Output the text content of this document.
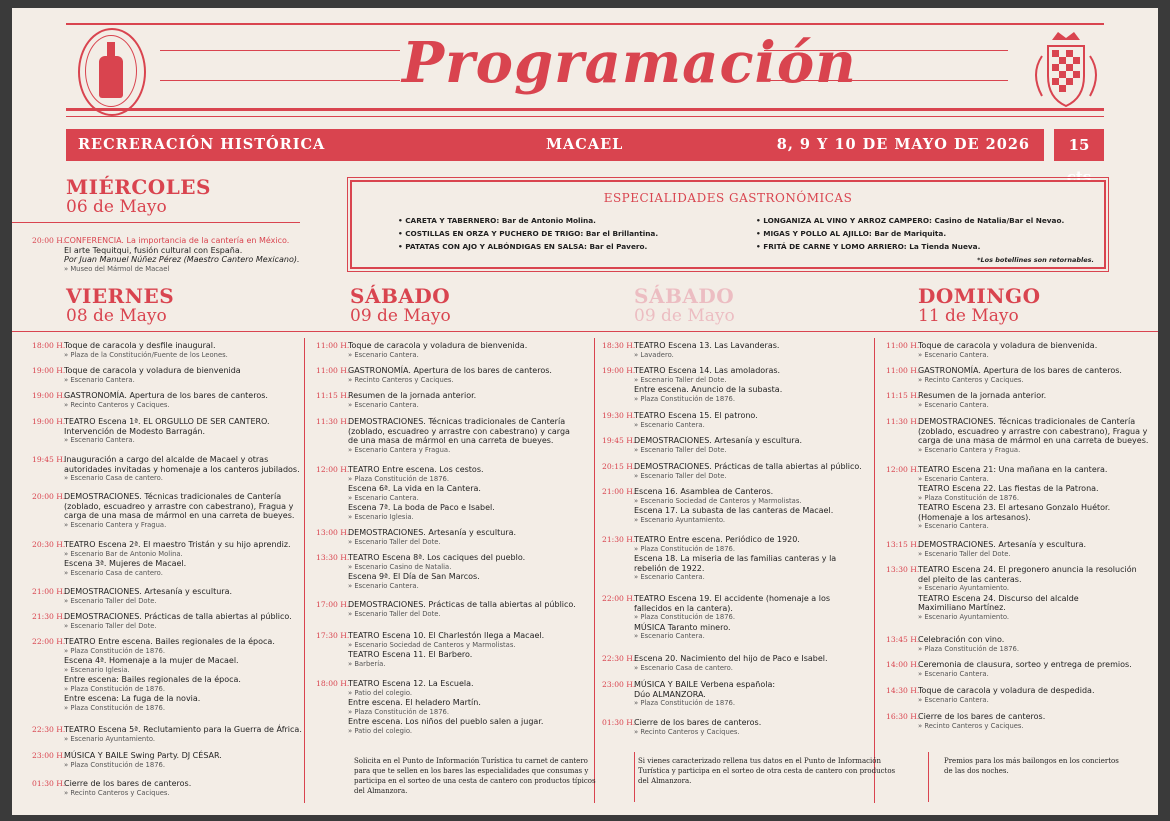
Programación
RECRERACIÓN HISTÓRICA	MACAEL	8, 9 Y 10 DE MAYO DE 2026	15 cts
MIÉRCOLES
06 de Mayo
20:00 H.
CONFERENCIA. La importancia de la cantería en México.
El arte Tequitqui, fusión cultural con España.
Por Juan Manuel Núñez Pérez (Maestro Cantero Mexicano).
» Museo del Mármol de Macael
ESPECIALIDADES GASTRONÓMICAS
• CARETA Y TABERNERO: Bar de Antonio Molina.
• COSTILLAS EN ORZA Y PUCHERO DE TRIGO: Bar el Brillantina.
• PATATAS CON AJO Y ALBÓNDIGAS EN SALSA: Bar el Pavero.
• LONGANIZA AL VINO Y ARROZ CAMPERO: Casino de Natalia/Bar el Nevao.
• MIGAS Y POLLO AL AJILLO: Bar de Mariquita.
• FRITÁ DE CARNE Y LOMO ARRIERO: La Tienda Nueva.
*Los botellines son retornables.
VIERNES
08 de Mayo
SÁBADO
09 de Mayo
SÁBADO
09 de Mayo
DOMINGO
11 de Mayo
18:00 H.
Toque de caracola y desfile inaugural.
» Plaza de la Constitución/Fuente de los Leones.
19:00 H.
Toque de caracola y voladura de bienvenida
» Escenario Cantera.
19:00 H.
GASTRONOMÍA. Apertura de los bares de canteros.
» Recinto Canteros y Caciques.
19:00 H.
TEATRO Escena 1ª. EL ORGULLO DE SER CANTERO.
Intervención de Modesto Barragán.
» Escenario Cantera.
19:45 H.
Inauguración a cargo del alcalde de Macael y otras
autoridades invitadas y homenaje a los canteros jubilados.
» Escenario Casa de cantero.
20:00 H.
DEMOSTRACIONES. Técnicas tradicionales de Cantería
(zoblado, escuadreo y arrastre con cabestrano), Fragua y
carga de una masa de mármol en una carreta de bueyes.
» Escenario Cantera y Fragua.
20:30 H.
TEATRO Escena 2ª. El maestro Tristán y su hijo aprendiz.
» Escenario Bar de Antonio Molina.
Escena 3ª. Mujeres de Macael.
» Escenario Casa de cantero.
21:00 H.
DEMOSTRACIONES. Artesanía y escultura.
» Escenario Taller del Dote.
21:30 H.
DEMOSTRACIONES. Prácticas de talla abiertas al público.
» Escenario Taller del Dote.
22:00 H.
TEATRO Entre escena. Bailes regionales de la época.
» Plaza Constitución de 1876.
Escena 4ª. Homenaje a la mujer de Macael.
» Escenario Iglesia.
Entre escena: Bailes regionales de la época.
» Plaza Constitución de 1876.
Entre escena: La fuga de la novia.
» Plaza Constitución de 1876.
22:30 H.
TEATRO Escena 5ª. Reclutamiento para la Guerra de África.
» Escenario Ayuntamiento.
23:00 H.
MÚSICA Y BAILE Swing Party. DJ CÉSAR.
» Plaza Constitución de 1876.
01:30 H.
Cierre de los bares de canteros.
» Recinto Canteros y Caciques.
11:00 H.
Toque de caracola y voladura de bienvenida.
» Escenario Cantera.
11:00 H.
GASTRONOMÍA. Apertura de los bares de canteros.
» Recinto Canteros y Caciques.
11:15 H.
Resumen de la jornada anterior.
» Escenario Cantera.
11:30 H.
DEMOSTRACIONES. Técnicas tradicionales de Cantería
(zoblado, escuadreo y arrastre con cabestrano) y carga
de una masa de mármol en una carreta de bueyes.
» Escenario Cantera y Fragua.
12:00 H.
TEATRO Entre escena. Los cestos.
» Plaza Constitución de 1876.
Escena 6ª. La vida en la Cantera.
» Escenario Cantera.
Escena 7ª. La boda de Paco e Isabel.
» Escenario Iglesia.
13:00 H.
DEMOSTRACIONES. Artesanía y escultura.
» Escenario Taller del Dote.
13:30 H.
TEATRO Escena 8ª. Los caciques del pueblo.
» Escenario Casino de Natalia.
Escena 9ª. El Día de San Marcos.
» Escenario Cantera.
17:00 H.
DEMOSTRACIONES. Prácticas de talla abiertas al público.
» Escenario Taller del Dote.
17:30 H.
TEATRO Escena 10. El Charlestón llega a Macael.
» Escenario Sociedad de Canteros y Marmolistas.
TEATRO Escena 11. El Barbero.
» Barbería.
18:00 H.
TEATRO Escena 12. La Escuela.
» Patio del colegio.
Entre escena. El heladero Martín.
» Plaza Constitución de 1876.
Entre escena. Los niños del pueblo salen a jugar.
» Patio del colegio.
18:30 H.
TEATRO Escena 13. Las Lavanderas.
» Lavadero.
19:00 H.
TEATRO Escena 14. Las amoladoras.
» Escenario Taller del Dote.
Entre escena. Anuncio de la subasta.
» Plaza Constitución de 1876.
19:30 H.
TEATRO Escena 15. El patrono.
» Escenario Cantera.
19:45 H.
DEMOSTRACIONES. Artesanía y escultura.
» Escenario Taller del Dote.
20:15 H.
DEMOSTRACIONES. Prácticas de talla abiertas al público.
» Escenario Taller del Dote.
21:00 H.
Escena 16. Asamblea de Canteros.
» Escenario Sociedad de Canteros y Marmolistas.
Escena 17. La subasta de las canteras de Macael.
» Escenario Ayuntamiento.
21:30 H.
TEATRO Entre escena. Periódico de 1920.
» Plaza Constitución de 1876.
Escena 18. La miseria de las familias canteras y la
rebelión de 1922.
» Escenario Cantera.
22:00 H.
TEATRO Escena 19. El accidente (homenaje a los
fallecidos en la cantera).
» Plaza Constitución de 1876.
MÚSICA Taranto minero.
» Escenario Cantera.
22:30 H.
Escena 20. Nacimiento del hijo de Paco e Isabel.
» Escenario Casa de cantero.
23:00 H.
MÚSICA Y BAILE Verbena española:
Dúo ALMANZORA.
» Plaza Constitución de 1876.
01:30 H.
Cierre de los bares de canteros.
» Recinto Canteros y Caciques.
11:00 H.
Toque de caracola y voladura de bienvenida.
» Escenario Cantera.
11:00 H.
GASTRONOMÍA. Apertura de los bares de canteros.
» Recinto Canteros y Caciques.
11:15 H.
Resumen de la jornada anterior.
» Escenario Cantera.
11:30 H.
DEMOSTRACIONES. Técnicas tradicionales de Cantería
(zoblado, escuadreo y arrastre con cabestrano), Fragua y
carga de una masa de mármol en una carreta de bueyes.
» Escenario Cantera y Fragua.
12:00 H.
TEATRO Escena 21: Una mañana en la cantera.
» Escenario Cantera.
TEATRO Escena 22. Las fiestas de la Patrona.
» Plaza Constitución de 1876.
TEATRO Escena 23. El artesano Gonzalo Huétor.
(Homenaje a los artesanos).
» Escenario Cantera.
13:15 H.
DEMOSTRACIONES. Artesanía y escultura.
» Escenario Taller del Dote.
13:30 H.
TEATRO Escena 24. El pregonero anuncia la resolución
del pleito de las canteras.
» Escenario Ayuntamiento.
TEATRO Escena 24. Discurso del alcalde
Maximiliano Martínez.
» Escenario Ayuntamiento.
13:45 H.
Celebración con vino.
» Plaza Constitución de 1876.
14:00 H.
Ceremonia de clausura, sorteo y entrega de premios.
» Escenario Cantera.
14:30 H.
Toque de caracola y voladura de despedida.
» Escenario Cantera.
16:30 H.
Cierre de los bares de canteros.
» Recinto Canteros y Caciques.
Solicita en el Punto de Información Turística tu carnet de cantero
para que te sellen en los bares las especialidades que consumas y
participa en el sorteo de una cesta de cantero con productos típicos
del Almanzora.
Si vienes caracterizado rellena tus datos en el Punto de Información
Turística y participa en el sorteo de otra cesta de cantero con productos
del Almanzora.
Premios para los más bailongos en los conciertos
de las dos noches.
